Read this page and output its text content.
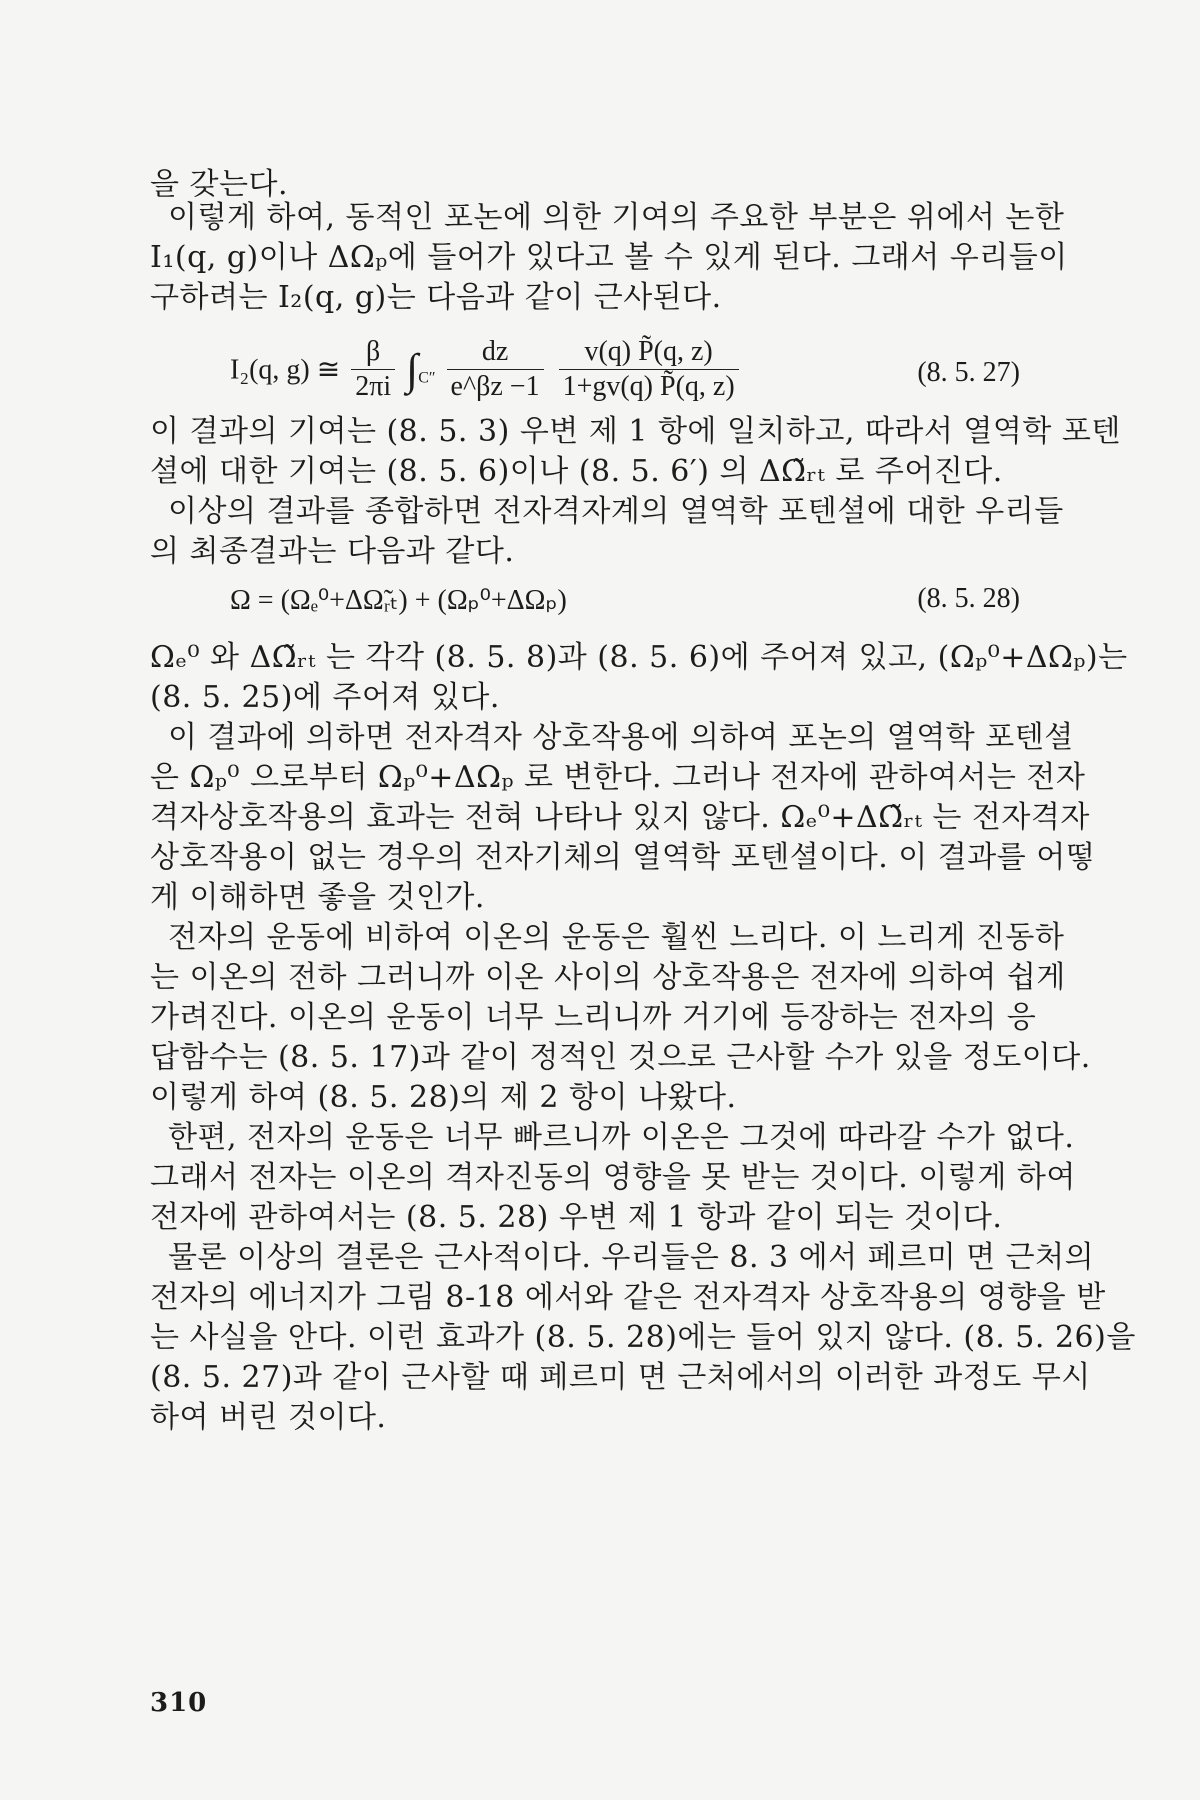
을 갖는다.
이렇게 하여, 동적인 포논에 의한 기여의 주요한 부분은 위에서 논한
I₁(q, g)이나 ΔΩₚ에 들어가 있다고 볼 수 있게 된다. 그래서 우리들이
구하려는 I₂(q, g)는 다음과 같이 근사된다.
I₂(q, g) ≅ $\frac{\beta}{2\pi i} \int_{C''} \frac{dz}{e\^{}\beta z -1}$
$\frac{v(q) P̃(q, z)}{1+gv(q) P̃(q, z)}$	(8. 5. 27)
이 결과의 기여는 (8. 5. 3) 우변 제 1 항에 일치하고, 따라서 열역학 포텐
셜에 대한 기여는 (8. 5. 6)이나 (8. 5. 6′) 의 ΔΩ̃ᵣₜ 로 주어진다.
이상의 결과를 종합하면 전자격자계의 열역학 포텐셜에 대한 우리들
의 최종결과는 다음과 같다.
Ω = (Ωₑ⁰+ΔΩ̃ᵣₜ) + (Ωₚ⁰+ΔΩₚ)	(8. 5. 28)
Ωₑ⁰ 와 ΔΩ̃ᵣₜ 는 각각 (8. 5. 8)과 (8. 5. 6)에 주어져 있고, (Ωₚ⁰+ΔΩₚ)는
(8. 5. 25)에 주어져 있다.
이 결과에 의하면 전자격자 상호작용에 의하여 포논의 열역학 포텐셜
은 Ωₚ⁰ 으로부터 Ωₚ⁰+ΔΩₚ 로 변한다. 그러나 전자에 관하여서는 전자
격자상호작용의 효과는 전혀 나타나 있지 않다. Ωₑ⁰+ΔΩ̃ᵣₜ 는 전자격자
상호작용이 없는 경우의 전자기체의 열역학 포텐셜이다. 이 결과를 어떻
게 이해하면 좋을 것인가.
전자의 운동에 비하여 이온의 운동은 훨씬 느리다. 이 느리게 진동하
는 이온의 전하 그러니까 이온 사이의 상호작용은 전자에 의하여 쉽게
가려진다. 이온의 운동이 너무 느리니까 거기에 등장하는 전자의 응
답함수는 (8. 5. 17)과 같이 정적인 것으로 근사할 수가 있을 정도이다.
이렇게 하여 (8. 5. 28)의 제 2 항이 나왔다.
한편, 전자의 운동은 너무 빠르니까 이온은 그것에 따라갈 수가 없다.
그래서 전자는 이온의 격자진동의 영향을 못 받는 것이다. 이렇게 하여
전자에 관하여서는 (8. 5. 28) 우변 제 1 항과 같이 되는 것이다.
물론 이상의 결론은 근사적이다. 우리들은 8. 3 에서 페르미 면 근처의
전자의 에너지가 그림 8-18 에서와 같은 전자격자 상호작용의 영향을 받
는 사실을 안다. 이런 효과가 (8. 5. 28)에는 들어 있지 않다. (8. 5. 26)을
(8. 5. 27)과 같이 근사할 때 페르미 면 근처에서의 이러한 과정도 무시
하여 버린 것이다.
310
